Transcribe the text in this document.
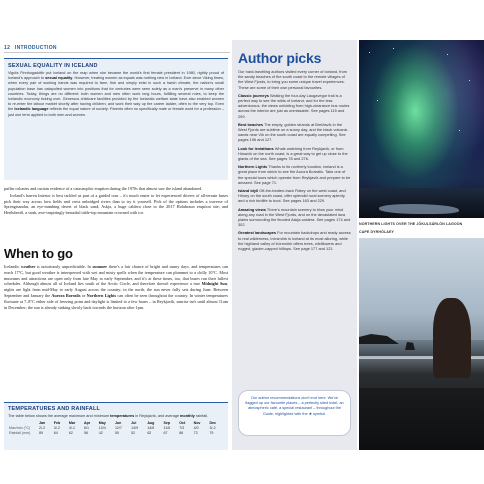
12 INTRODUCTION
SEXUAL EQUALITY IN ICELAND
Vigdís Finnbogadóttir put Iceland on the map when she became the world's first female president in 1980, rightly proud of Iceland's approach to sexual equality. However, treating women as equals was nothing new in Iceland. Ever since Viking times, when every pair of working hands was required to farm, fish and simply exist in such a harsh climate, the nation's small population base has catapulted women into positions that for centuries were seen solely as a man's preserve in many other countries. Today, things are no different: both women and men often work long hours, fulfilling several roles, to keep the Icelandic economy ticking over. Generous childcare facilities provided by the Icelandic welfare state have also enabled women to re-enter the labour market shortly after having children, and work their way up the career ladder, often to the very top. Even the Icelandic language reflects the equal nature of society: Parents often no specifically male or female word for a profession – just one term applied to both men and women.

puffin colonies and curtain evidence of a catastrophic eruption during the 1970s that almost saw the island abandoned.

Iceland's barren Interior is best tackled as part of a guided tour – it's much easier to let experienced drivers of all-terrain buses pick their way across lava fields and cross unbridged rivers than to try it yourself. Pick of the options includes a traverse of Sprengisandur, an eye-numbing desert of black sand; Askja, a huge caldera close to the 2017 Holuhraun eruption site; and Herðubreið, a stark, awe-inspiringly beautiful table-top mountain crowned with ice.

When to go

Icelandic weather is notoriously unpredictable. In summer there's a fair chance of bright and sunny days, and temperatures can reach 17°C, but good weather is interspersed with wet and misty spells when the temperature can plummet to a chilly 10°C. Most museums and attractions are open only from late May to early September, and it's at these times, too, that buses run their fullest schedules. Although almost all of Iceland lies south of the Arctic Circle, and therefore doesn't experience a true Midnight Sun, nights are light from mid-May to early August across the country; in the north, the sun never fully sets during June. Between September and January the Aurora Borealis or Northern Lights can often be seen throughout the country. In winter temperatures fluctuate at 7–8°C either side of freezing point and daylight is limited to a few hours – in Reykjavík, sunrise isn't until almost 11am in December; the sun is already sinking slowly back towards the horizon after 1pm.

TEMPERATURES AND RAINFALL
The table below shows the average maximum and minimum temperatures in Reykjavík, and average monthly rainfall.
	Jan	Feb	Mar	Apr	May	Jun	Jul	Aug	Sep	Oct	Nov	Dec
Max/min (°C)	2/-2	3/-2	4/-1	6/1	10/4	12/7	14/9	14/8	11/6	7/3	4/0	3/-2
Rainfall (mm)	89	64	62	56	42	50	52	62	67	86	73	79
Author picks
Our hard-travelling authors visited every corner of Iceland, from the sandy beaches of the south coast to the remote villages of the West Fjords, to bring you some unique travel experiences. These are some of their own personal favourites.
Classic journeys Walking the four-day Laugavegur trail is a perfect way to see the wilds of Iceland, and for the less adventurous, the views unfolding from high-clearance bus routes across the interior are just as unmissable. See pages 115 and 299.
Best beaches The empty, golden strands at Breiðavík in the West Fjords are sublime on a sunny day, and the black volcanic sands near Vík on the south coast are equally compelling. See pages 196 and 127.
Look for leviathans Whale watching from Reykjavík, or from Húsavík on the north coast, is a great way to get up close to the giants of the sea. See pages 78 and 276.
Northern Lights Thanks to its northerly location, Iceland is a great place from which to see the Aurora Borealis. Take one of the special tours which operate from Reykjavík and prepare to be amazed. See page 71.
Island idyll Off-the-beaten-track Flatey on the west coast, and Hrísey on the south coast, offer splendid rural scenery aplenty and a rich birdlife to boot. See pages 163 and 229.
Amazing views There's mountain scenery to blow your mind along any road in the West Fjords, and on the devastated lava plains surrounding the flooded Askja caldera. See pages 174 and 302.
Greatest landscapes For mountain backdrops and ready access to real wilderness, Þórsmörk is Iceland at its most alluring, while the highland valley of Þórsmörk offers trees, wildflowers and rugged, glacier-capped hilltops. See page 177 and 121.
Our author recommendations don't end here. We've flagged up our favourite places – a perfectly sited hotel, an atmospheric café, a special restaurant – throughout the Guide, highlighted with the ★ symbol.
NORTHERN LIGHTS OVER THE JÖKULSÁRLÓN LAGOON
CAPE DYRHÓLAEY
